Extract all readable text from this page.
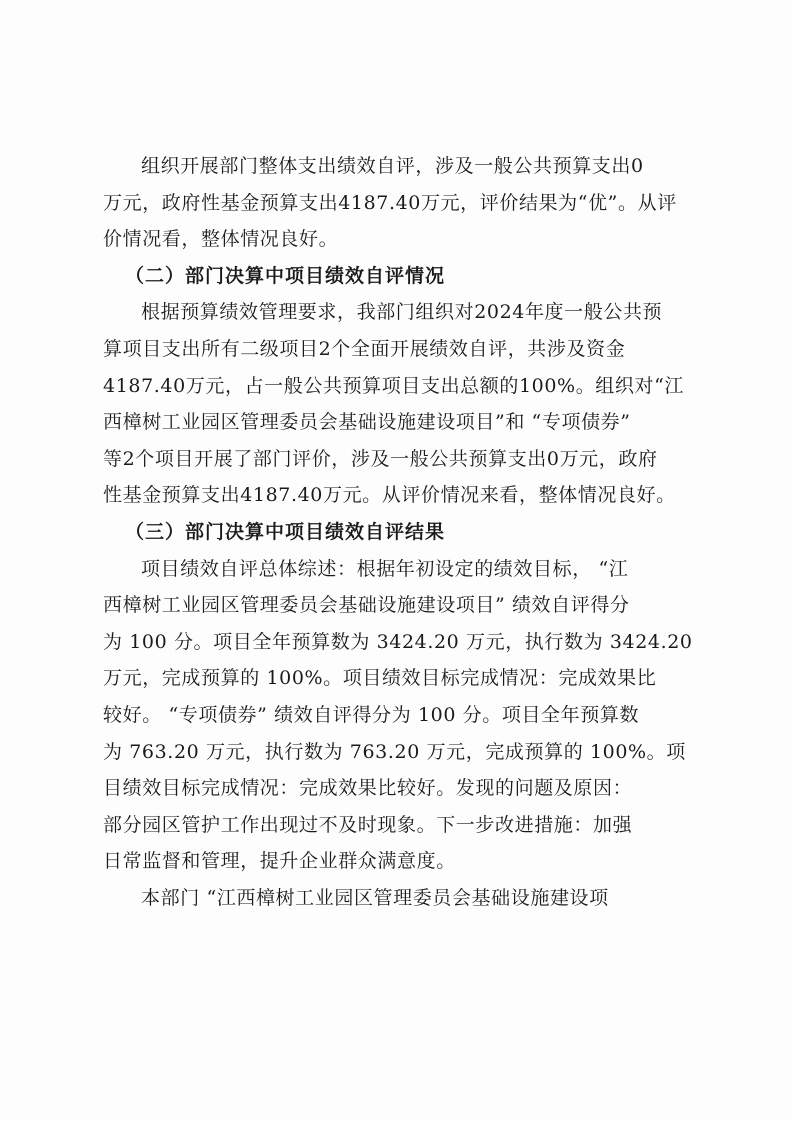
组织开展部门整体支出绩效自评，涉及一般公共预算支出0
万元，政府性基金预算支出4187.40万元，评价结果为“优”。从评
价情况看，整体情况良好。
（二）部门决算中项目绩效自评情况
根据预算绩效管理要求，我部门组织对2024年度一般公共预
算项目支出所有二级项目2个全面开展绩效自评，共涉及资金
4187.40万元，占一般公共预算项目支出总额的100%。组织对“江
西樟树工业园区管理委员会基础设施建设项目”和 “专项债券”
等2个项目开展了部门评价，涉及一般公共预算支出0万元，政府
性基金预算支出4187.40万元。从评价情况来看，整体情况良好。
（三）部门决算中项目绩效自评结果
项目绩效自评总体综述：根据年初设定的绩效目标， “江
西樟树工业园区管理委员会基础设施建设项目” 绩效自评得分
为 100 分。项目全年预算数为 3424.20 万元，执行数为 3424.20
万元，完成预算的 100%。项目绩效目标完成情况：完成效果比
较好。 “专项债券” 绩效自评得分为 100 分。项目全年预算数
为 763.20 万元，执行数为 763.20 万元，完成预算的 100%。项
目绩效目标完成情况：完成效果比较好。发现的问题及原因：
部分园区管护工作出现过不及时现象。下一步改进措施：加强
日常监督和管理，提升企业群众满意度。
本部门 “江西樟树工业园区管理委员会基础设施建设项
